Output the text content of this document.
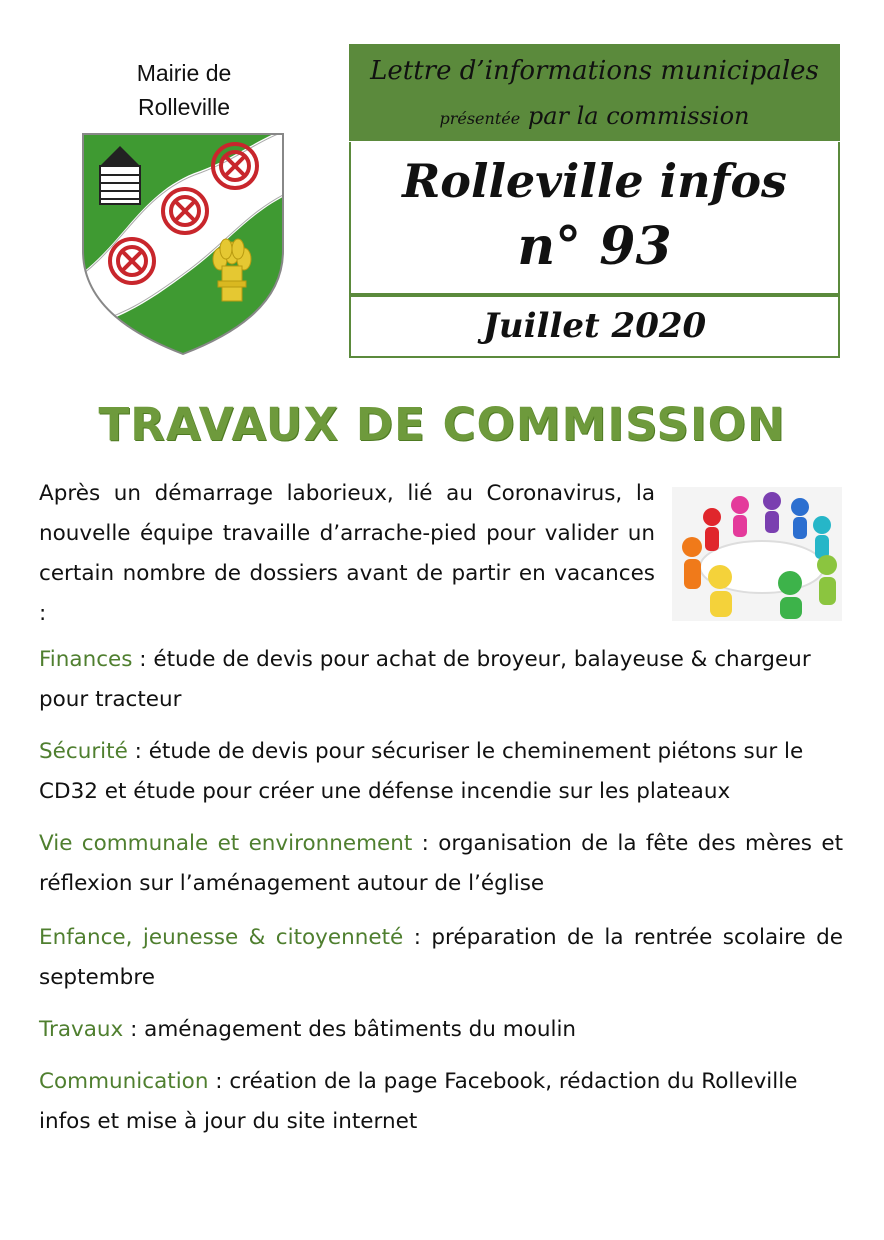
Mairie de
Rolleville
Lettre d’informations municipales
présentée par la commission
Rolleville infos
n° 93
Juillet 2020
TRAVAUX DE COMMISSION
Après un démarrage laborieux, lié au Coronavirus, la nouvelle équipe travaille d’arrache-pied pour valider un certain nombre de dossiers avant de partir en vacances :
Finances : étude de devis pour achat de broyeur, balayeuse & chargeur pour tracteur
Sécurité : étude de devis pour sécuriser le cheminement piétons sur le CD32 et étude pour créer une défense incendie sur les plateaux
Vie communale et environnement : organisation de la fête des mères et réflexion sur l’aménagement autour de l’église
Enfance, jeunesse & citoyenneté : préparation de la rentrée scolaire de septembre
Travaux : aménagement des bâtiments du moulin
Communication : création de la page Facebook, rédaction du Rolleville infos et mise à jour du site internet
